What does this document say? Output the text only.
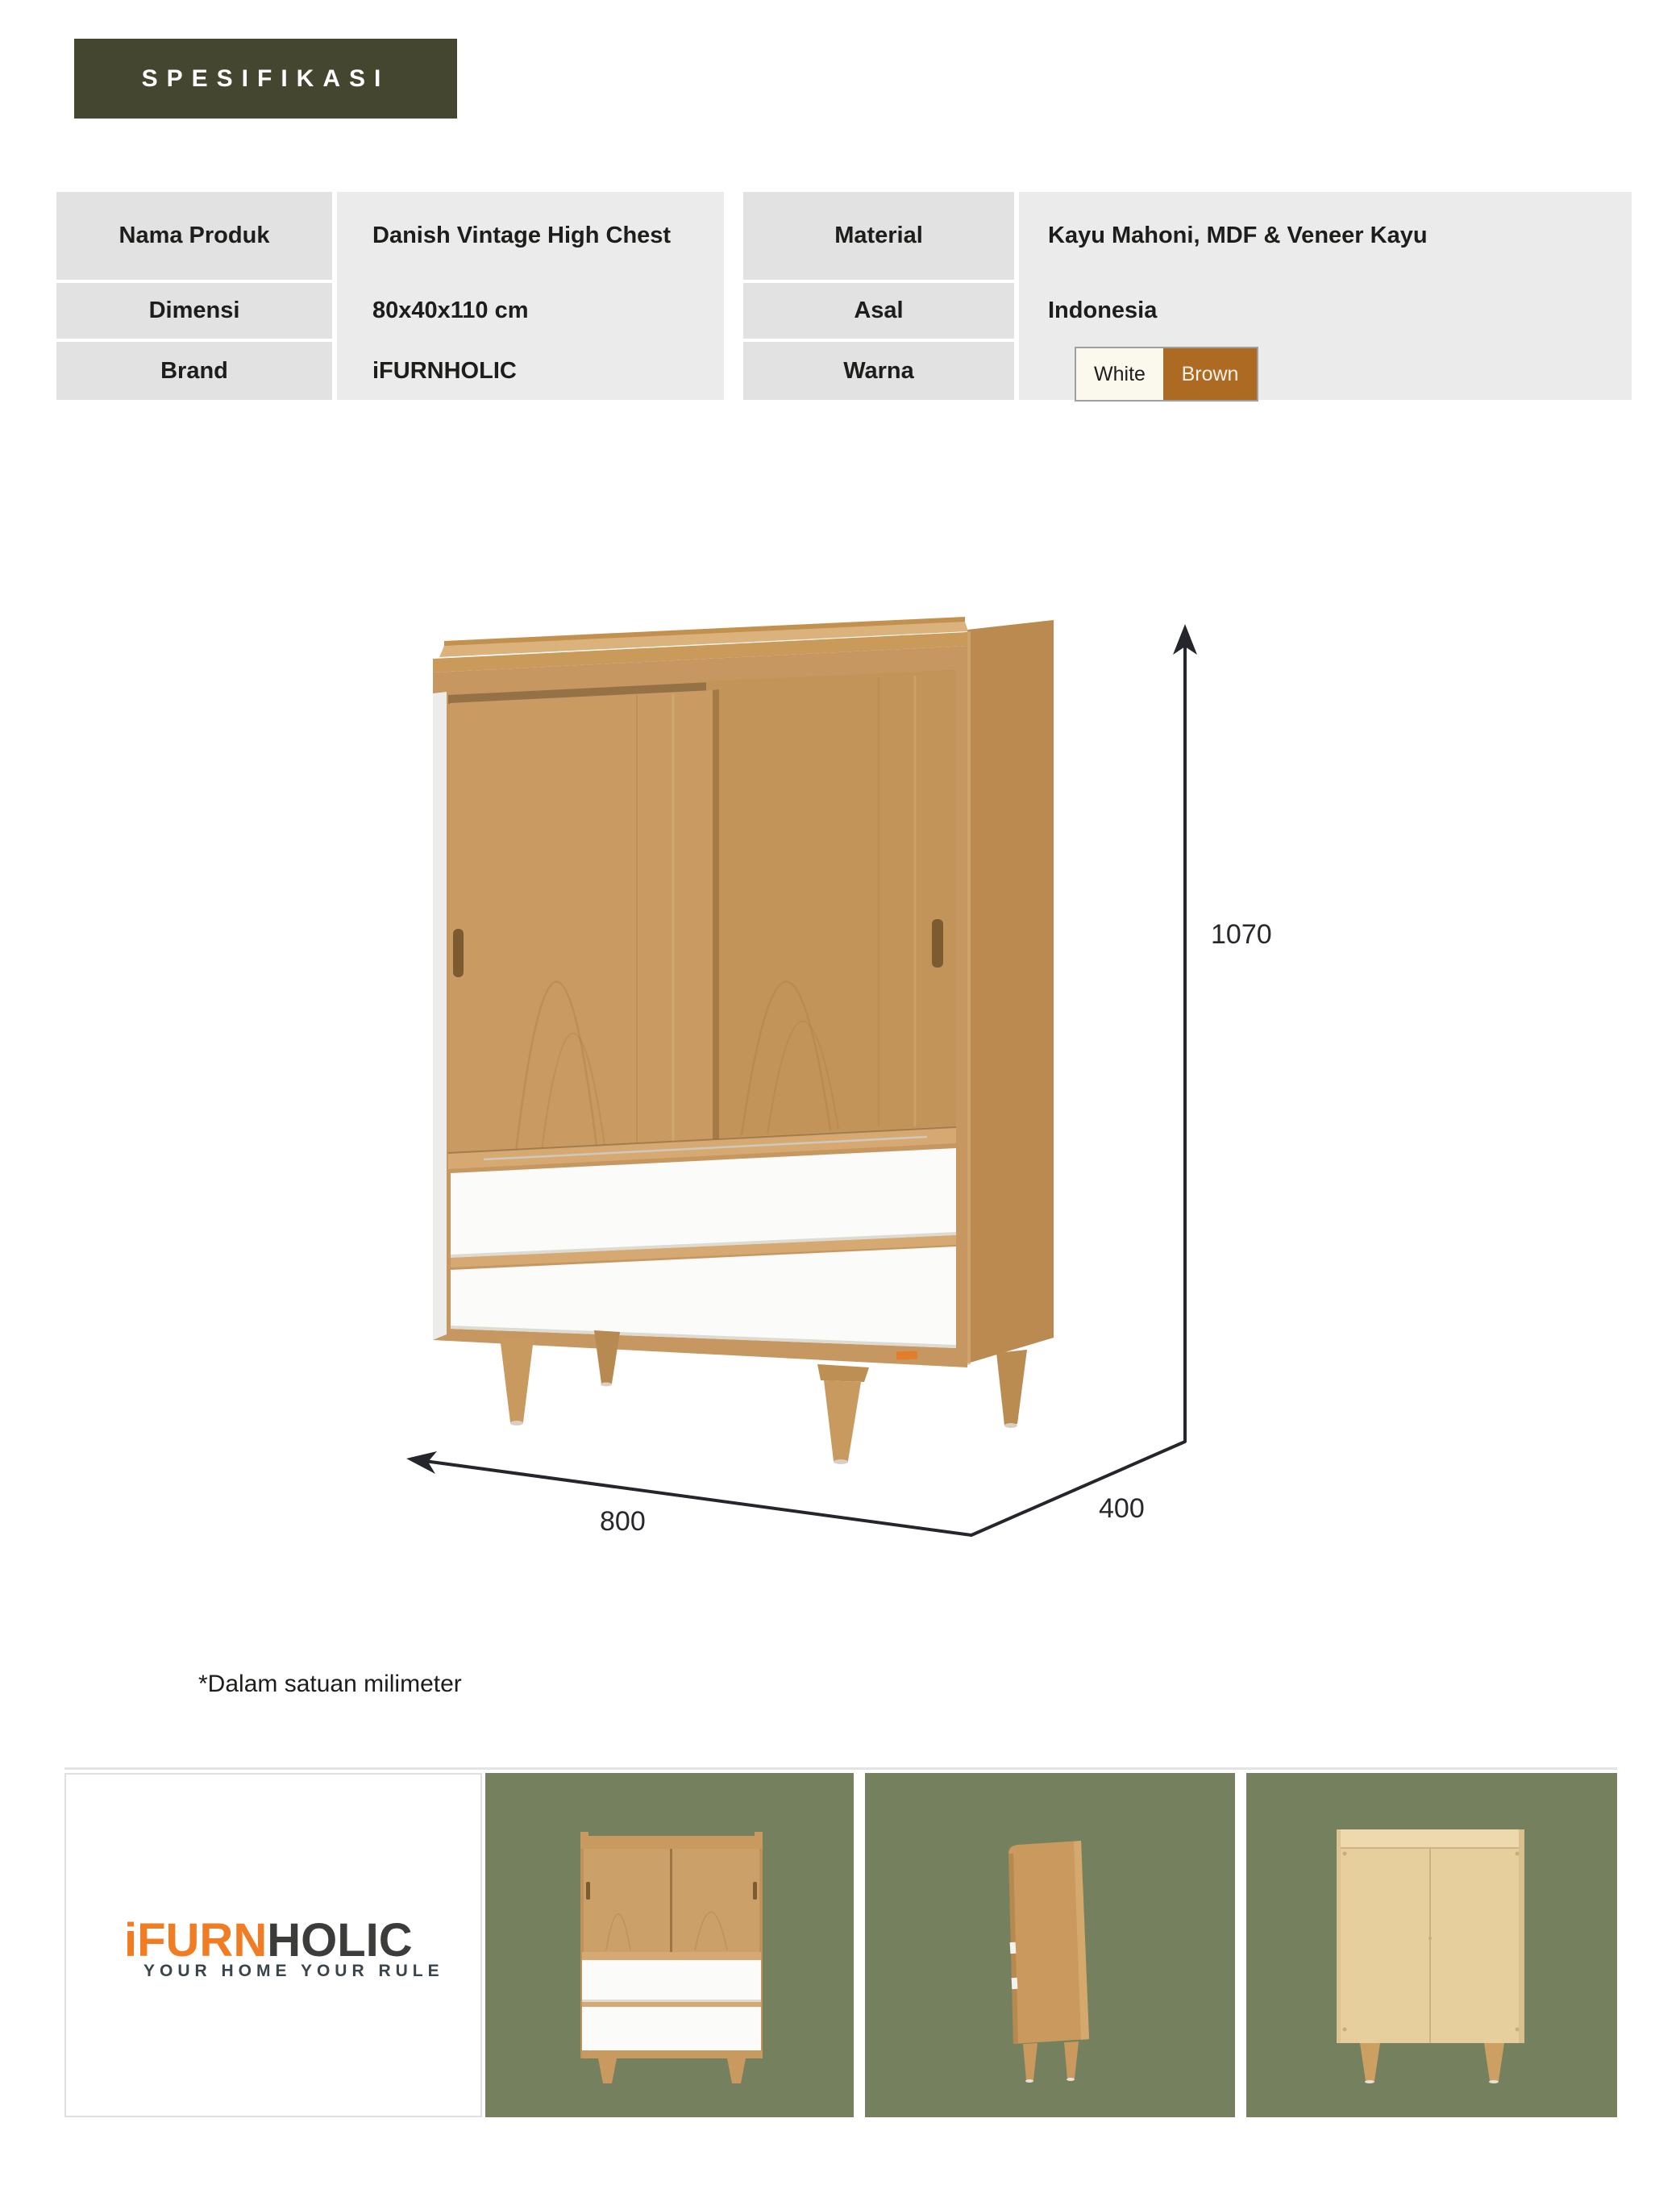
SPESIFIKASI
Nama Produk
Dimensi
Brand
Danish Vintage High Chest
80x40x110 cm
iFURNHOLIC
Material
Asal
Warna
Kayu Mahoni, MDF & Veneer Kayu
Indonesia
White Brown
1070
800	400
*Dalam satuan milimeter
iFURNHOLIC
YOUR HOME YOUR RULE
